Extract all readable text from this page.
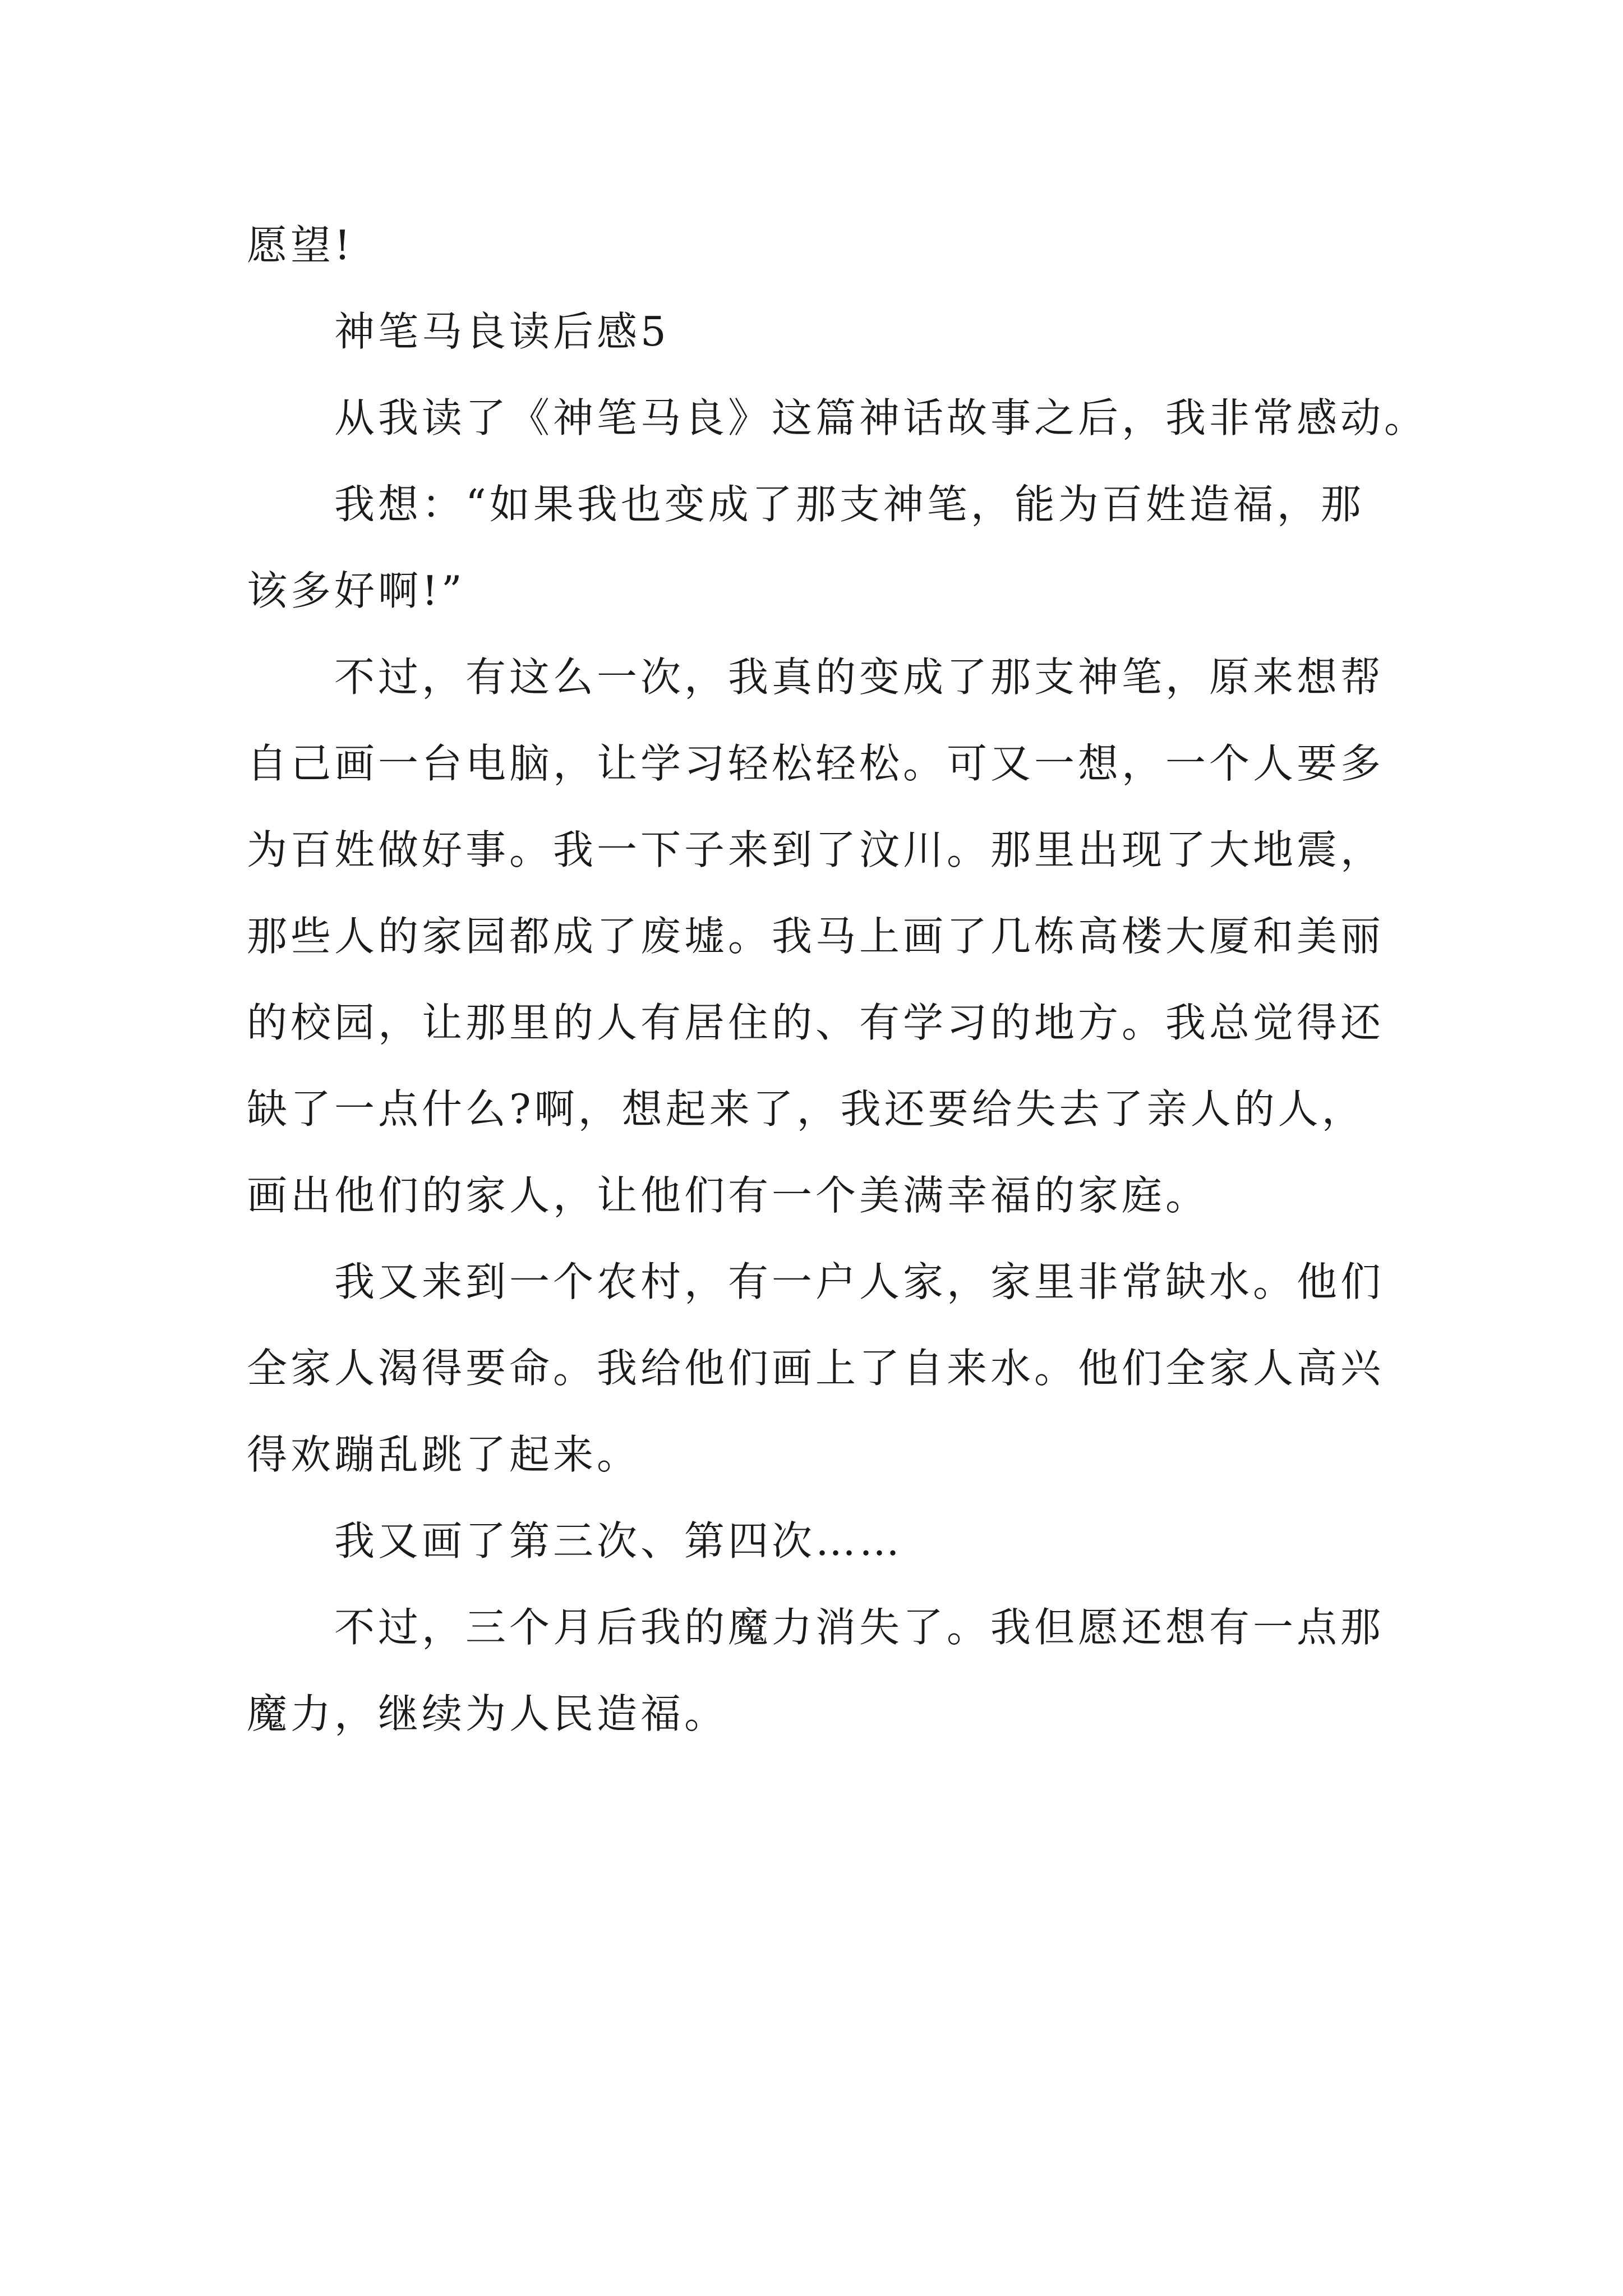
愿望!
神笔马良读后感5
从我读了《神笔马良》这篇神话故事之后，我非常感动。
我想：“如果我也变成了那支神笔，能为百姓造福，那
该多好啊!”
不过，有这么一次，我真的变成了那支神笔，原来想帮
自己画一台电脑，让学习轻松轻松。可又一想，一个人要多
为百姓做好事。我一下子来到了汶川。那里出现了大地震，
那些人的家园都成了废墟。我马上画了几栋高楼大厦和美丽
的校园，让那里的人有居住的、有学习的地方。我总觉得还
缺了一点什么?啊，想起来了，我还要给失去了亲人的人，
画出他们的家人，让他们有一个美满幸福的家庭。
我又来到一个农村，有一户人家，家里非常缺水。他们
全家人渴得要命。我给他们画上了自来水。他们全家人高兴
得欢蹦乱跳了起来。
我又画了第三次、第四次……
不过，三个月后我的魔力消失了。我但愿还想有一点那
魔力，继续为人民造福。
